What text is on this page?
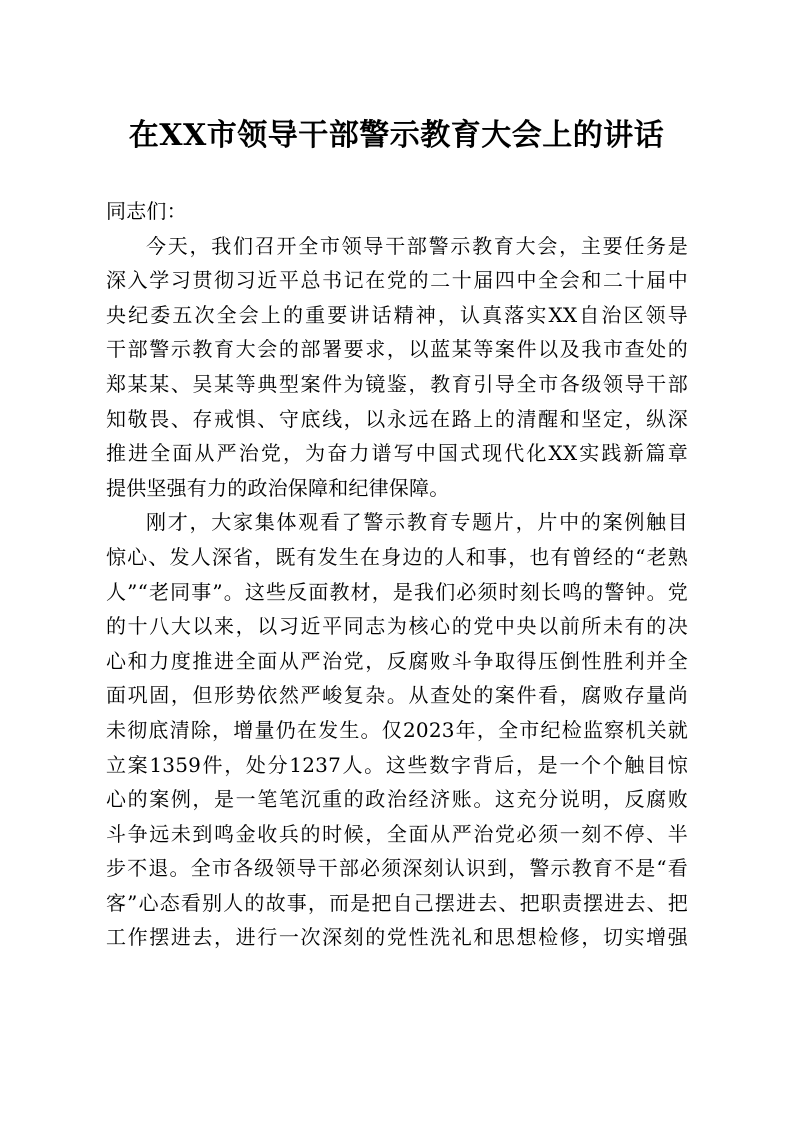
在XX市领导干部警示教育大会上的讲话
同志们：
今天，我们召开全市领导干部警示教育大会，主要任务是
深入学习贯彻习近平总书记在党的二十届四中全会和二十届中
央纪委五次全会上的重要讲话精神，认真落实XX自治区领导
干部警示教育大会的部署要求，以蓝某等案件以及我市查处的
郑某某、吴某等典型案件为镜鉴，教育引导全市各级领导干部
知敬畏、存戒惧、守底线，以永远在路上的清醒和坚定，纵深
推进全面从严治党，为奋力谱写中国式现代化XX实践新篇章
提供坚强有力的政治保障和纪律保障。
刚才，大家集体观看了警示教育专题片，片中的案例触目
惊心、发人深省，既有发生在身边的人和事，也有曾经的“老熟
人”“老同事”。这些反面教材，是我们必须时刻长鸣的警钟。党
的十八大以来，以习近平同志为核心的党中央以前所未有的决
心和力度推进全面从严治党，反腐败斗争取得压倒性胜利并全
面巩固，但形势依然严峻复杂。从查处的案件看，腐败存量尚
未彻底清除，增量仍在发生。仅2023年，全市纪检监察机关就
立案1359件，处分1237人。这些数字背后，是一个个触目惊
心的案例，是一笔笔沉重的政治经济账。这充分说明，反腐败
斗争远未到鸣金收兵的时候，全面从严治党必须一刻不停、半
步不退。全市各级领导干部必须深刻认识到，警示教育不是“看
客”心态看别人的故事，而是把自己摆进去、把职责摆进去、把
工作摆进去，进行一次深刻的党性洗礼和思想检修，切实增强
